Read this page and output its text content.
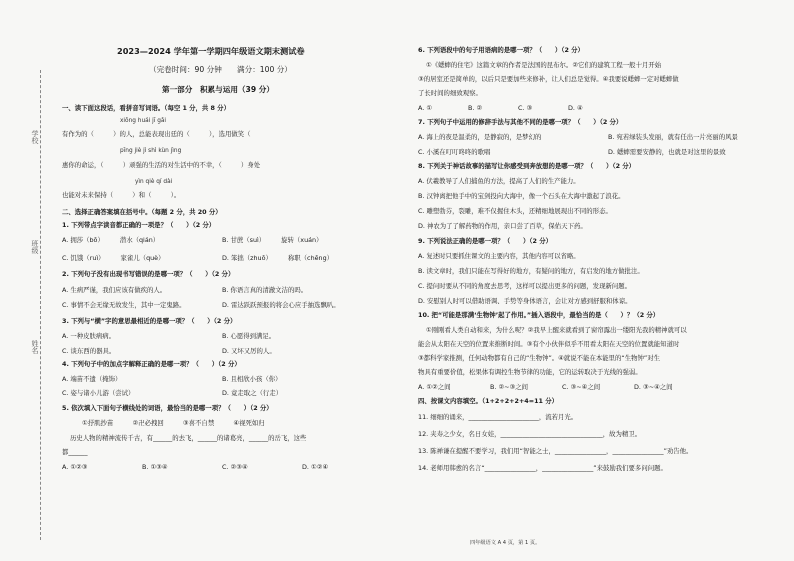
学校
班级
姓名
2023—2024 学年第一学期四年级语文期末测试卷
（完卷时间：90 分钟　　满分：100 分）
第一部分　积累与运用（39 分）
一、读下面这段话，看拼音写词语。（每空 1 分，共 8 分）
xiōng huái jī gǎi
有作为的（　　　）的人，总能表现出廷的（　　　），选用做笑（
pīng jiè jì shì kùn jìng
惠你的命运，（　　　）顽强的生活的对生活中的不幸，（　　　）身处
yìn qiè qí dài
也能对未来保持（　　　）和（　　　）。
二、选择正确答案填在括号中。（每题 2 分，共 20 分）
1. 下列带点字读音都正确的一项是？（　　）（2 分）
A. 拥莎（bō）　　　潜水（qián）	B. 甘蔗（suì）　　　旋转（xuán）
C. 饥饿（ruì）　　　家雀儿（què）	D. 笨拙（zhuō）　　　称职（chēng）
2. 下列句子没有出现书写错误的是哪一项？（　　）（2 分）
A. 生病严谨，我们应该有做疾的人。	B. 你语言真的清澈文洁的吗。
C. 事情不会无缘无故发生，其中一定鬼路。	D. 雷达跃跃预报的将会心应手抽选飘叭。
3. 下列与“横”字的意思最相近的是哪一项？（　　）（2 分）
A. 一种皮肤病病。	B. 心愿得到满足。
C. 谈东西的器具。	D. 又坏又厉的人。
4. 下列句子中的加点字解释正确的是哪一项？（　　）（2 分）
A. 端苗不遗（掩饰）	B. 且相欣小孩（你）
C. 姿与诸小儿游（尝试）	D. 竟走取之（行走）
5. 依次填入下面句子横线处的词语，最恰当的是哪一项？（　　）（2 分）
①抒肌抄苗　　　②卍必拽回　　　③喜不自禁　　　④视死如归
历史人物的精神流传千古，有______的去飞，______的诸葛亮，______的岳飞，这些
都______
A. ①②③	B. ①③④	C. ②③④	D. ①②④
6. 下列语段中的句子用语病的是哪一项？（　　）（2 分）
①《蟋蟀的住宅》这篇文章的作者是法国的昆布尔。②它们的建筑工程一般十月开始
③的居室还是简单的，以后只是要加些来修补，让人们总是觉得。④我要说蟋蟀一定对蟋蟀做
了长时间的细致观察。
A. ①	B. ②	C. ③	D. ④
7. 下列句子中运用的修辞手法与其他不同的是哪一项？（　　）（2 分）
A. 海上的夜是温柔的，是静寂的，是梦幻的	B. 宛若绿装头发丽，就有任出一片亮丽的风景
C. 小溪在叮叮咚咚的歌唱	D. 蟋蟀需要安静的，也就是对这里的景致
8. 下列关于神话故事的描写让你感受到奔放想的是哪一项？（　　）（2 分）
A. 伏羲教导了人们捕鱼的方法，提高了人们的生产能力。
B. 汉钟离把他手中的宝剑投向大海中，像一个石头在大海中激起了浪花。
C. 雕塑勃芬，裂雕，难不仅握住木头，还精细地展现出不同的形态。
D. 神农为了了解药物的作用，亲口尝了百草，保佑天下药。
9. 下列说法正确的是哪一项？（　　）（2 分）
A. 复述时只要抓住课文的主要内容，其他内容可以省略。
B. 读文章时，我们只能在写得好的地方，有疑问的地方，有启发的地方做批注。
C. 提问时要从不同的角度去思考，这样可以提出更多的问题，发现新问题。
D. 安慰别人时可以借助语调、手势等身体语言，会让对方感到舒服和体谅。
10. 把“可能是那满‘生物钟’起了作用。”插入语段中，最恰当的是（　　）？（2 分）
①刚刚看人类自动和来，为什么呢？②我早上醒来就看到了窗帘露出一缕阳光我的精神就可以
能会从太阳在天空的位置来推断时间。③有个小伙伴似乎不用看太阳在天空的位置就能知道时
③都科学家推测，任何动物都有自己的“生物钟”。④就说不能在本能里的“生物钟”对生
物具有重要价值，松果体有调控生物节律的功能，它的运转取决于光线的强弱。
A. ①②之间	B. ②~③之间	C. ③~④之间	D. ③~④之间
四、按课文内容填空。（1+2+2+2+4=11 分）
11. 细细的诵来，______________________，流若月光。
12. 夹寿之少女，名日女娃，________________________________，故为精卫。
13. 陈禅谦在提醒不要学习，我们用“智能之士，________________，________________”劝告他。
14. 老师用韩愈的名言“________________，________________”来鼓励我们要多问问题。
四年级语文 A 4 页，第 1 页。
